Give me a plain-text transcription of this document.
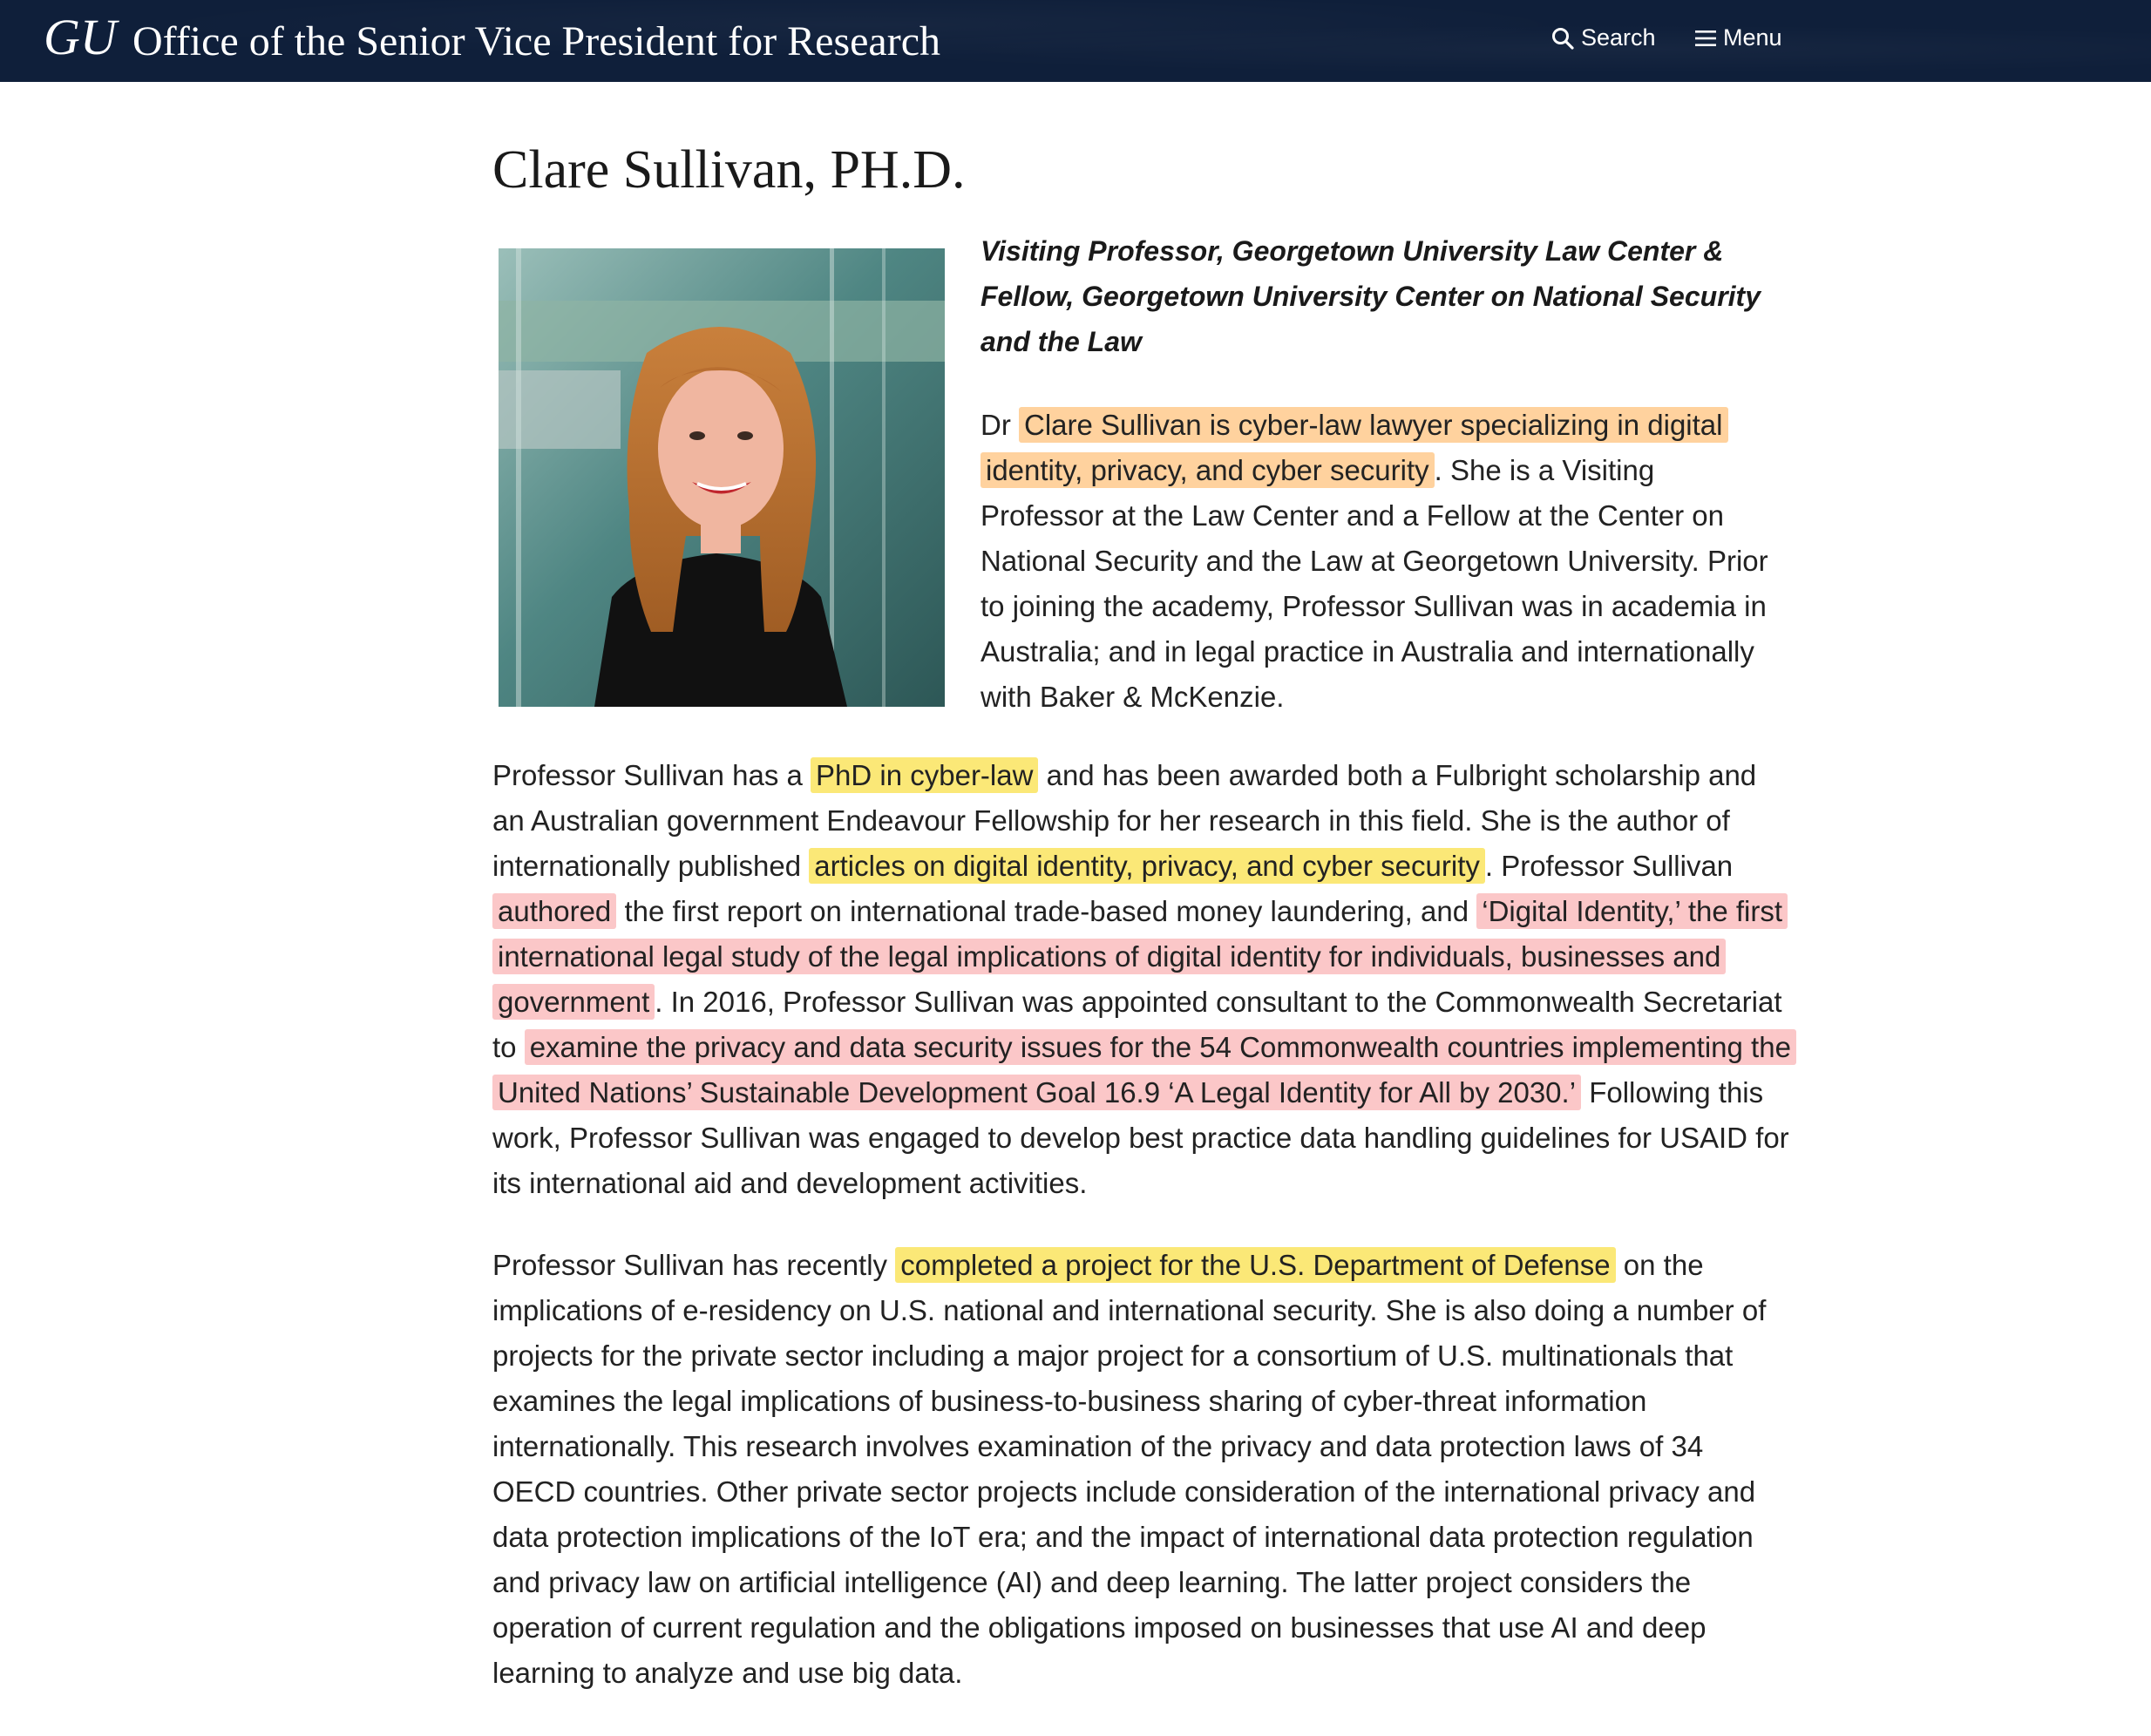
GU Office of the Senior Vice President for Research	Search	Menu
Clare Sullivan, PH.D.

Visiting Professor, Georgetown University Law Center & Fellow, Georgetown University Center on National Security and the Law

Dr Clare Sullivan is cyber-law lawyer specializing in digital identity, privacy, and cyber security . She is a Visiting Professor at the Law Center and a Fellow at the Center on National Security and the Law at Georgetown University. Prior to joining the academy, Professor Sullivan was in academia in Australia; and in legal practice in Australia and internationally with Baker & McKenzie.

Professor Sullivan has a PhD in cyber-law and has been awarded both a Fulbright scholarship and an Australian government Endeavour Fellowship for her research in this field. She is the author of internationally published articles on digital identity, privacy, and cyber security . Professor Sullivan authored the first report on international trade-based money laundering, and ‘Digital Identity,’ the first international legal study of the legal implications of digital identity for individuals, businesses and government . In 2016, Professor Sullivan was appointed consultant to the Commonwealth Secretariat to examine the privacy and data security issues for the 54 Commonwealth countries implementing the United Nations’ Sustainable Development Goal 16.9 ‘A Legal Identity for All by 2030.’ Following this work, Professor Sullivan was engaged to develop best practice data handling guidelines for USAID for its international aid and development activities.

Professor Sullivan has recently completed a project for the U.S. Department of Defense on the implications of e-residency on U.S. national and international security. She is also doing a number of projects for the private sector including a major project for a consortium of U.S. multinationals that examines the legal implications of business-to-business sharing of cyber-threat information internationally. This research involves examination of the privacy and data protection laws of 34 OECD countries. Other private sector projects include consideration of the international privacy and data protection implications of the IoT era; and the impact of international data protection regulation and privacy law on artificial intelligence (AI) and deep learning. The latter project considers the operation of current regulation and the obligations imposed on businesses that use AI and deep learning to analyze and use big data.
